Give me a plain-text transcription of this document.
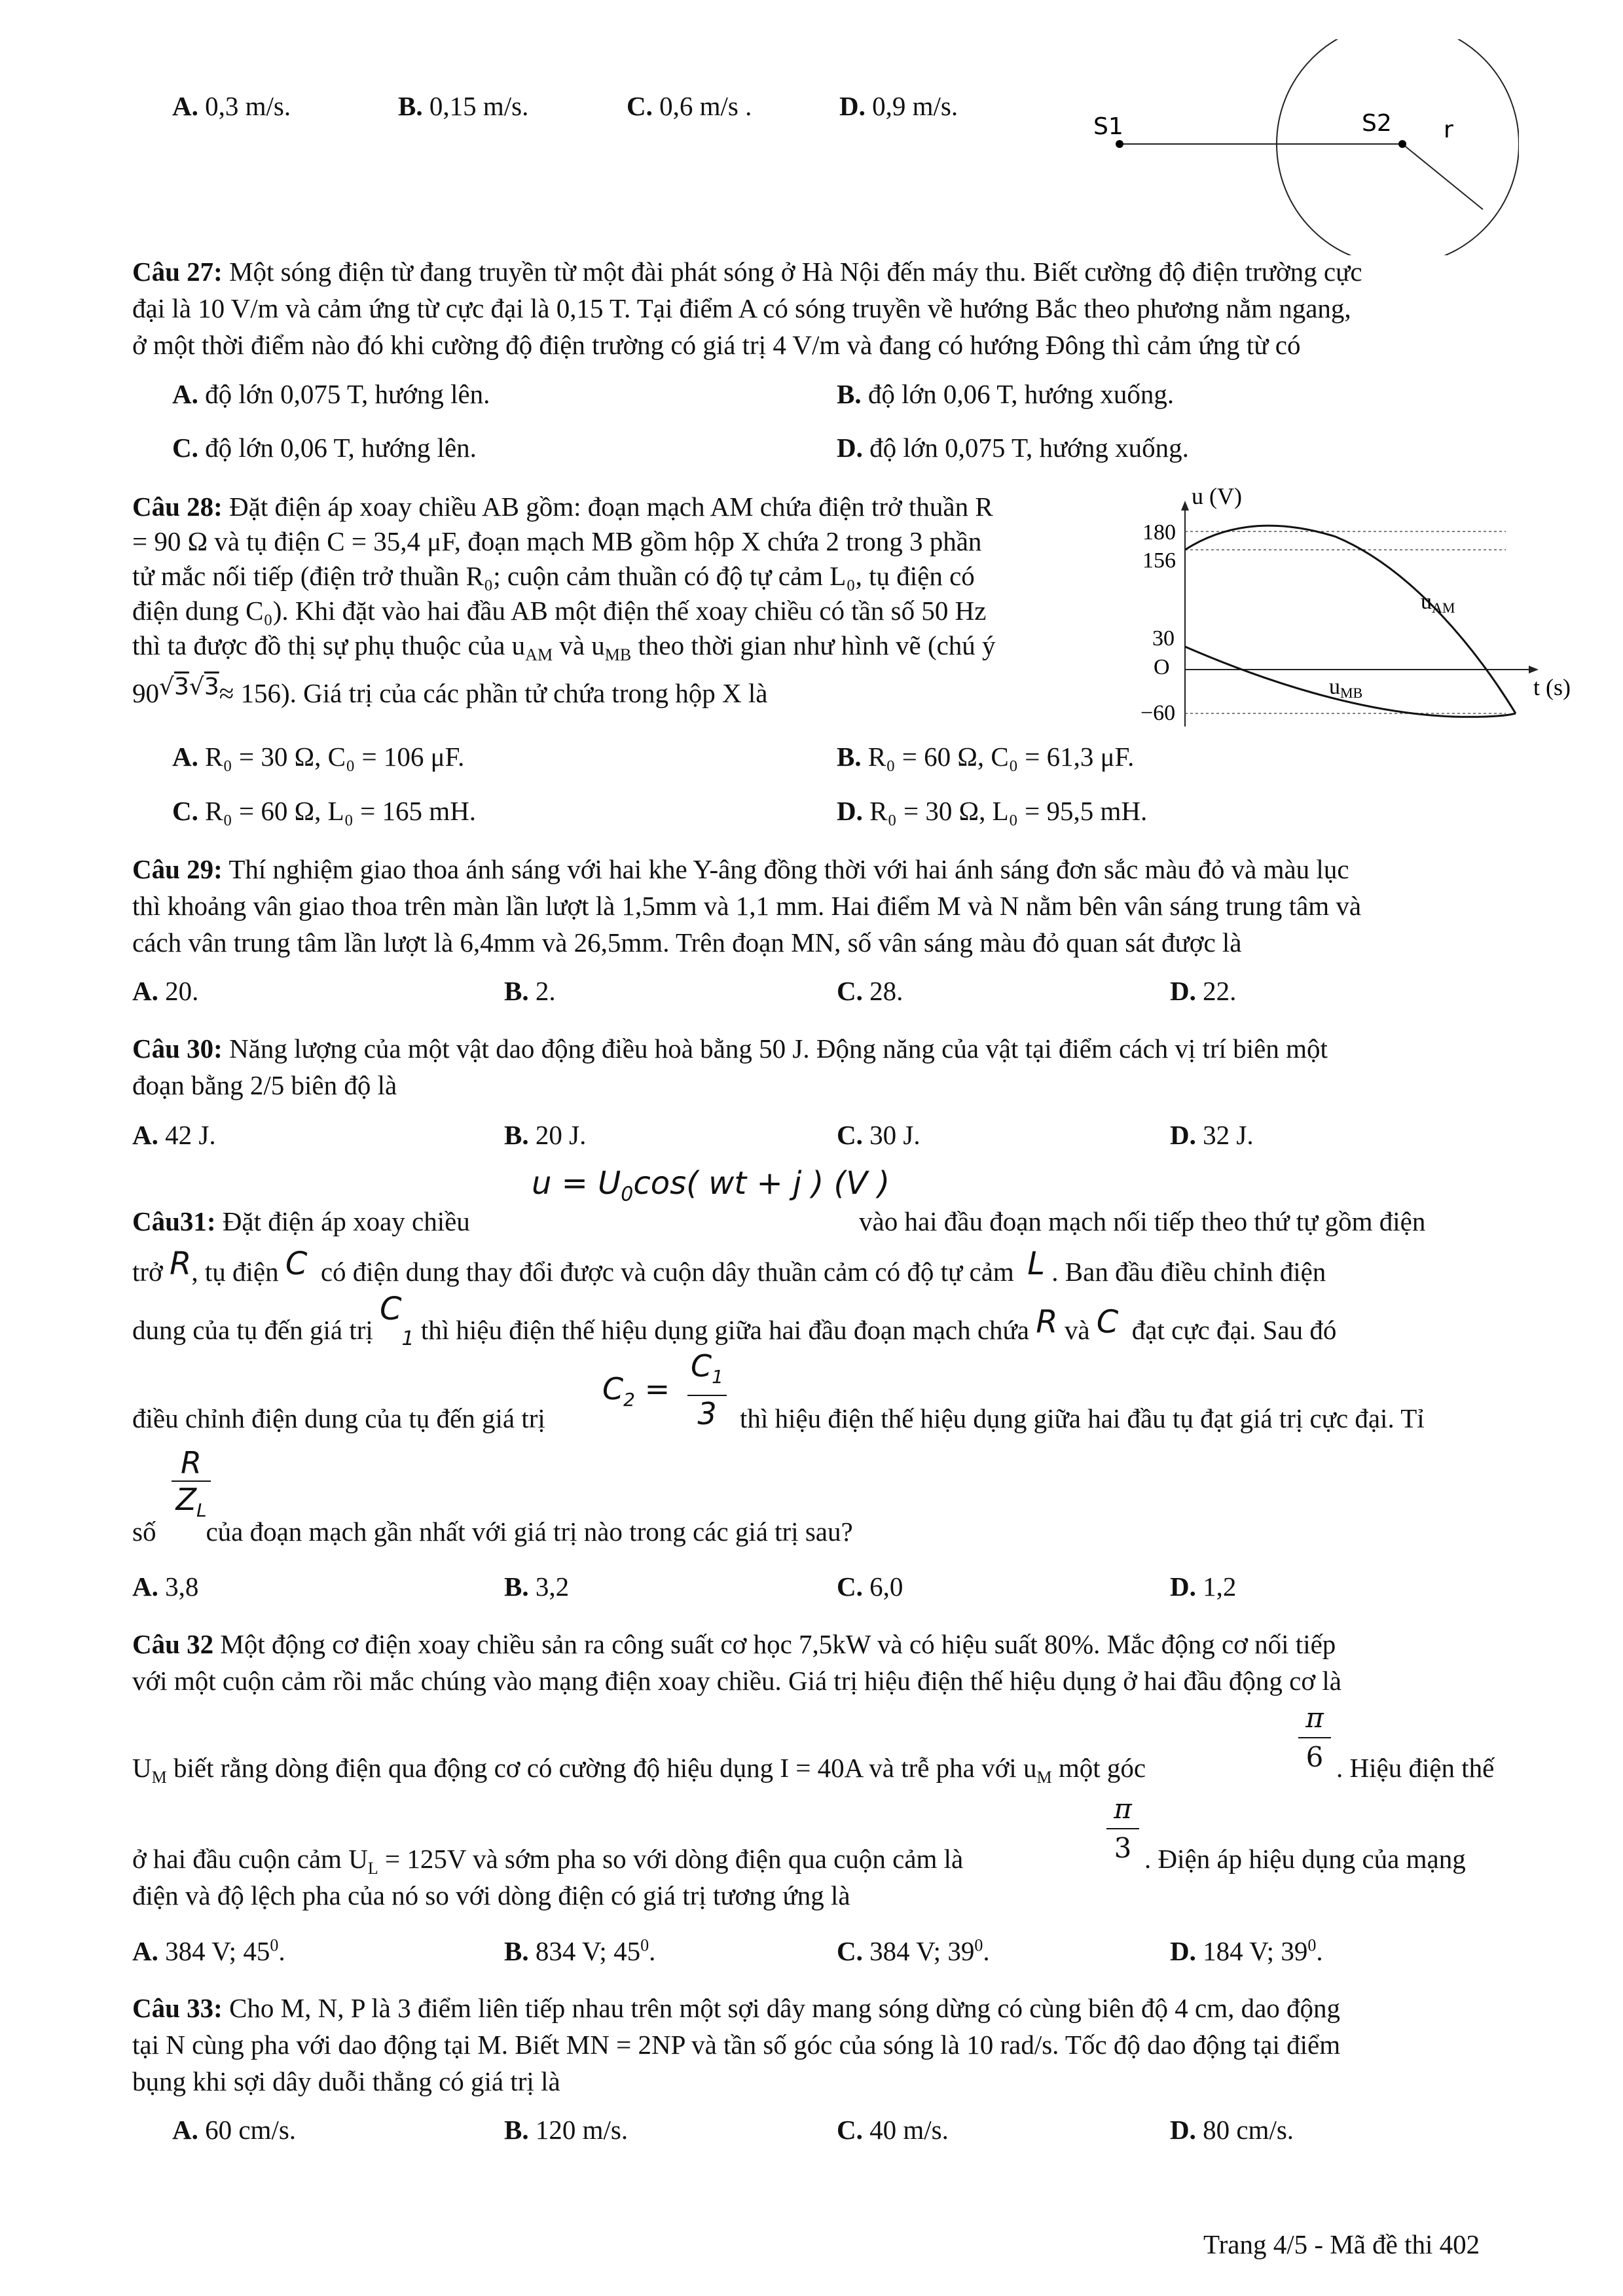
A. 0,3 m/s.	B. 0,15 m/s.	C. 0,6 m/s .	D. 0,9 m/s.
S1	S2 r
Câu 27: Một sóng điện từ đang truyền từ một đài phát sóng ở Hà Nội đến máy thu. Biết cường độ điện trường cực
đại là 10 V/m và cảm ứng từ cực đại là 0,15 T. Tại điểm A có sóng truyền về hướng Bắc theo phương nằm ngang,
ở một thời điểm nào đó khi cường độ điện trường có giá trị 4 V/m và đang có hướng Đông thì cảm ứng từ có
A. độ lớn 0,075 T, hướng lên.	B. độ lớn 0,06 T, hướng xuống.
C. độ lớn 0,06 T, hướng lên.	D. độ lớn 0,075 T, hướng xuống.
Câu 28: Đặt điện áp xoay chiều AB gồm: đoạn mạch AM chứa điện trở thuần R
= 90 Ω và tụ điện C = 35,4 μF, đoạn mạch MB gồm hộp X chứa 2 trong 3 phần
tử mắc nối tiếp (điện trở thuần R₀; cuộn cảm thuần có độ tự cảm L₀, tụ điện có
điện dung C₀). Khi đặt vào hai đầu AB một điện thế xoay chiều có tần số 50 Hz
thì ta được đồ thị sự phụ thuộc của $u_{AM}$ và $u_{MB}$ theo thời gian như hình vẽ (chú ý
90√3√3≈ 156). Giá trị của các phần tử chứa trong hộp X là
u (V)
t (s)
180
156
30
O
−60
uAM
uMB
A. R₀ = 30 Ω, C₀ = 106 μF.	B. R₀ = 60 Ω, C₀ = 61,3 μF.
C. R₀ = 60 Ω, L₀ = 165 mH.	D. R₀ = 30 Ω, L₀ = 95,5 mH.
Câu 29: Thí nghiệm giao thoa ánh sáng với hai khe Y-âng đồng thời với hai ánh sáng đơn sắc màu đỏ và màu lục
thì khoảng vân giao thoa trên màn lần lượt là 1,5mm và 1,1 mm. Hai điểm M và N nằm bên vân sáng trung tâm và
cách vân trung tâm lần lượt là 6,4mm và 26,5mm. Trên đoạn MN, số vân sáng màu đỏ quan sát được là
A. 20.	B. 2.	C. 28.	D. 22.
Câu 30: Năng lượng của một vật dao động điều hoà bằng 50 J. Động năng của vật tại điểm cách vị trí biên một
đoạn bằng 2/5 biên độ là
A. 42 J.	B. 20 J.	C. 30 J.	D. 32 J.
Câu31: Đặt điện áp xoay chiều
$u = U_0\cos$( wt + j ) (V )
vào hai đầu đoạn mạch nối tiếp theo thứ tự gồm điện
trở R, tụ điện C có điện dung thay đổi được và cuộn dây thuần cảm có độ tự cảm L . Ban đầu điều chỉnh điện
dung của tụ đến giá trị $C_1$ thì hiệu điện thế hiệu dụng giữa hai đầu đoạn mạch chứa R và C đạt cực đại. Sau đó
điều chỉnh điện dung của tụ đến giá trị
$C_2$ =
$C_1$
3 thì hiệu điện thế hiệu dụng giữa hai đầu tụ đạt giá trị cực đại. Tỉ
R
$Z_L$
số của đoạn mạch gần nhất với giá trị nào trong các giá trị sau?
A. 3,8	B. 3,2	C. 6,0	D. 1,2
Câu 32 Một động cơ điện xoay chiều sản ra công suất cơ học 7,5kW và có hiệu suất 80%. Mắc động cơ nối tiếp
với một cuộn cảm rồi mắc chúng vào mạng điện xoay chiều. Giá trị hiệu điện thế hiệu dụng ở hai đầu động cơ là
$U_M$ biết rằng dòng điện qua động cơ có cường độ hiệu dụng I = 40A và trễ pha với $u_M$ một góc
π
6 . Hiệu điện thế
ở hai đầu cuộn cảm $U_L = 125V$ và sớm pha so với dòng điện qua cuộn cảm là
π
3 . Điện áp hiệu dụng của mạng
điện và độ lệch pha của nó so với dòng điện có giá trị tương ứng là
A. 384 V; $45^0$.	B. 834 V; $45^0$.	C. 384 V; $39^0$.	D. 184 V; $39^0$.
Câu 33: Cho M, N, P là 3 điểm liên tiếp nhau trên một sợi dây mang sóng dừng có cùng biên độ 4 cm, dao động
tại N cùng pha với dao động tại M. Biết MN = 2NP và tần số góc của sóng là 10 rad/s. Tốc độ dao động tại điểm
bụng khi sợi dây duỗi thẳng có giá trị là
A. 60 cm/s.	B. 120 m/s.	C. 40 m/s.	D. 80 cm/s.
Trang 4/5 - Mã đề thi 402
